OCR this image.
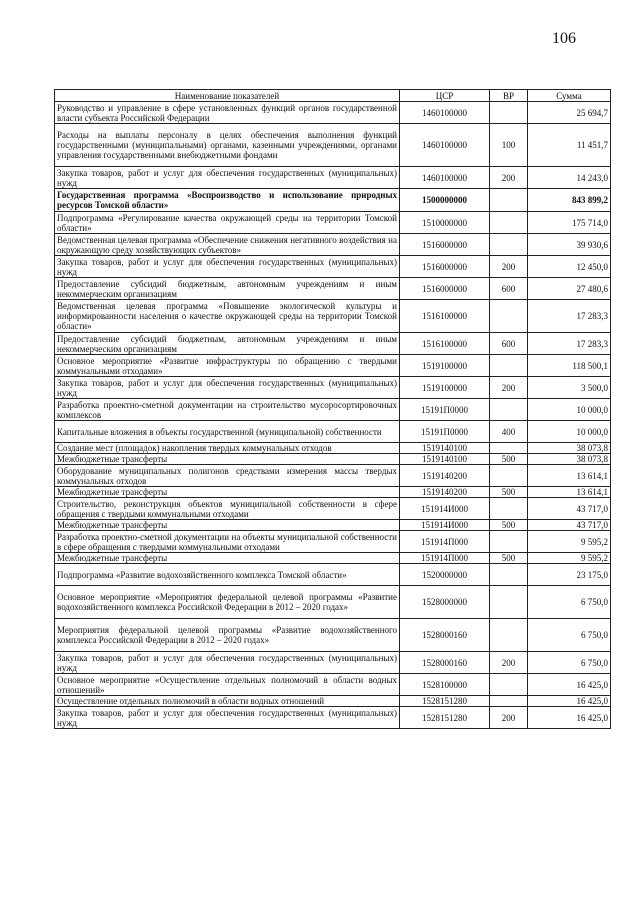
106
Наименование показателей	ЦСР	ВР	Сумма
Руководство и управление в сфере установленных функций органов государственной власти субъекта Российской Федерации	1460100000		25 694,7
Расходы на выплаты персоналу в целях обеспечения выполнения функций государственными (муниципальными) органами, казенными учреждениями, органами управления государственными внебюджетными фондами	1460100000	100	11 451,7
Закупка товаров, работ и услуг для обеспечения государственных (муниципальных) нужд	1460100000	200	14 243,0
Государственная программа «Воспроизводство и использование природных ресурсов Томской области»	1500000000		843 899,2
Подпрограмма «Регулирование качества окружающей среды на территории Томской области»	1510000000		175 714,0
Ведомственная целевая программа «Обеспечение снижения негативного воздействия на окружающую среду хозяйствующих субъектов»	1516000000		39 930,6
Закупка товаров, работ и услуг для обеспечения государственных (муниципальных) нужд	1516000000	200	12 450,0
Предоставление субсидий бюджетным, автономным учреждениям и иным некоммерческим организациям	1516000000	600	27 480,6
Ведомственная целевая программа «Повышение экологической культуры и информированности населения о качестве окружающей среды на территории Томской области»	1516100000		17 283,3
Предоставление субсидий бюджетным, автономным учреждениям и иным некоммерческим организациям	1516100000	600	17 283,3
Основное мероприятие «Развитие инфраструктуры по обращению с твердыми коммунальными отходами»	1519100000		118 500,1
Закупка товаров, работ и услуг для обеспечения государственных (муниципальных) нужд	1519100000	200	3 500,0
Разработка проектно-сметной документации на строительство мусоросортировочных комплексов	15191П0000		10 000,0
Капитальные вложения в объекты государственной (муниципальной) собственности	15191П0000	400	10 000,0
Создание мест (площадок) накопления твердых коммунальных отходов	1519140100		38 073,8
Межбюджетные трансферты	1519140100	500	38 073,8
Оборудование муниципальных полигонов средствами измерения массы твердых коммунальных отходов	1519140200		13 614,1
Межбюджетные трансферты	1519140200	500	13 614,1
Строительство, реконструкция объектов муниципальной собственности в сфере обращения с твердыми коммунальными отходами	151914И000		43 717,0
Межбюджетные трансферты	151914И000	500	43 717,0
Разработка проектно-сметной документации на объекты муниципальной собственности в сфере обращения с твердыми коммунальными отходами	151914П000		9 595,2
Межбюджетные трансферты	151914П000	500	9 595,2
Подпрограмма «Развитие водохозяйственного комплекса Томской области»	1520000000		23 175,0
Основное мероприятие «Мероприятия федеральной целевой программы «Развитие водохозяйственного комплекса Российской Федерации в 2012 – 2020 годах»	1528000000		6 750,0
Мероприятия федеральной целевой программы «Развитие водохозяйственного комплекса Российской Федерации в 2012 – 2020 годах»	1528000160		6 750,0
Закупка товаров, работ и услуг для обеспечения государственных (муниципальных) нужд	1528000160	200	6 750,0
Основное мероприятие «Осуществление отдельных полномочий в области водных отношений»	1528100000		16 425,0
Осуществление отдельных полномочий в области водных отношений	1528151280		16 425,0
Закупка товаров, работ и услуг для обеспечения государственных (муниципальных) нужд	1528151280	200	16 425,0
